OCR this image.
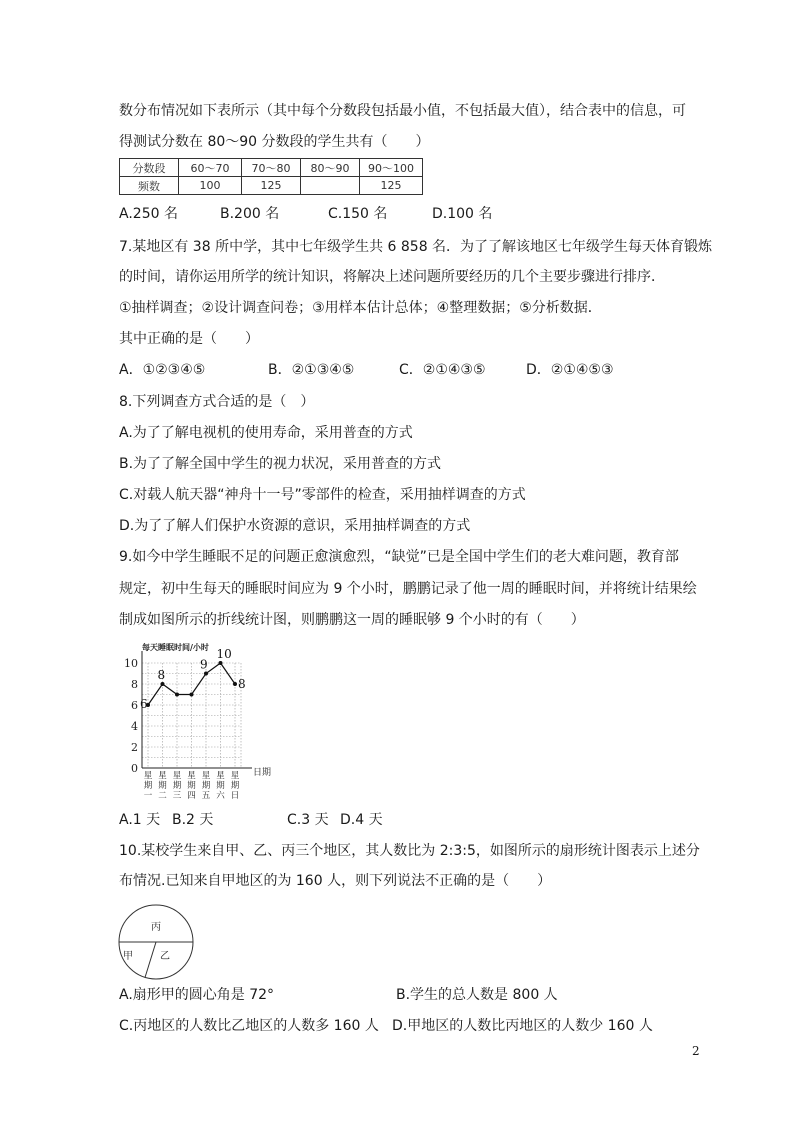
数分布情况如下表所示（其中每个分数段包括最小值，不包括最大值），结合表中的信息，可
得测试分数在 80～90 分数段的学生共有（　　）
分数段	60～70	70～80	80～90	90～100
频数	100	125		125
A.250 名	B.200 名	C.150 名	D.100 名
7.某地区有 38 所中学，其中七年级学生共 6 858 名．为了了解该地区七年级学生每天体育锻炼
的时间，请你运用所学的统计知识，将解决上述问题所要经历的几个主要步骤进行排序．
①抽样调查；②设计调查问卷；③用样本估计总体；④整理数据；⑤分析数据．
其中正确的是（　　）
A．①②③④⑤	B．②①③④⑤	C．②①④③⑤	D．②①④⑤③
8.下列调查方式合适的是（　）
A.为了了解电视机的使用寿命，采用普查的方式
B.为了了解全国中学生的视力状况，采用普查的方式
C.对载人航天器“神舟十一号”零部件的检查，采用抽样调查的方式
D.为了了解人们保护水资源的意识，采用抽样调查的方式
9.如今中学生睡眠不足的问题正愈演愈烈，“缺觉”已是全国中学生们的老大难问题，教育部
规定，初中生每天的睡眠时间应为 9 个小时，鹏鹏记录了他一周的睡眠时间，并将统计结果绘
制成如图所示的折线统计图，则鹏鹏这一周的睡眠够 9 个小时的有（　　）
0
2
4
6
8
10
星期一
星期二
星期三
星期四
星期五
星期六
星期日
6
8
9
10
8
每天睡眠时间/小时
日期
A.1 天 B.2 天	C.3 天 D.4 天
10.某校学生来自甲、乙、丙三个地区，其人数比为 2:3:5，如图所示的扇形统计图表示上述分
布情况.已知来自甲地区的为 160 人，则下列说法不正确的是（　　）
丙
甲	乙
A.扇形甲的圆心角是 72°	B.学生的总人数是 800 人
C.丙地区的人数比乙地区的人数多 160 人 D.甲地区的人数比丙地区的人数少 160 人
2
